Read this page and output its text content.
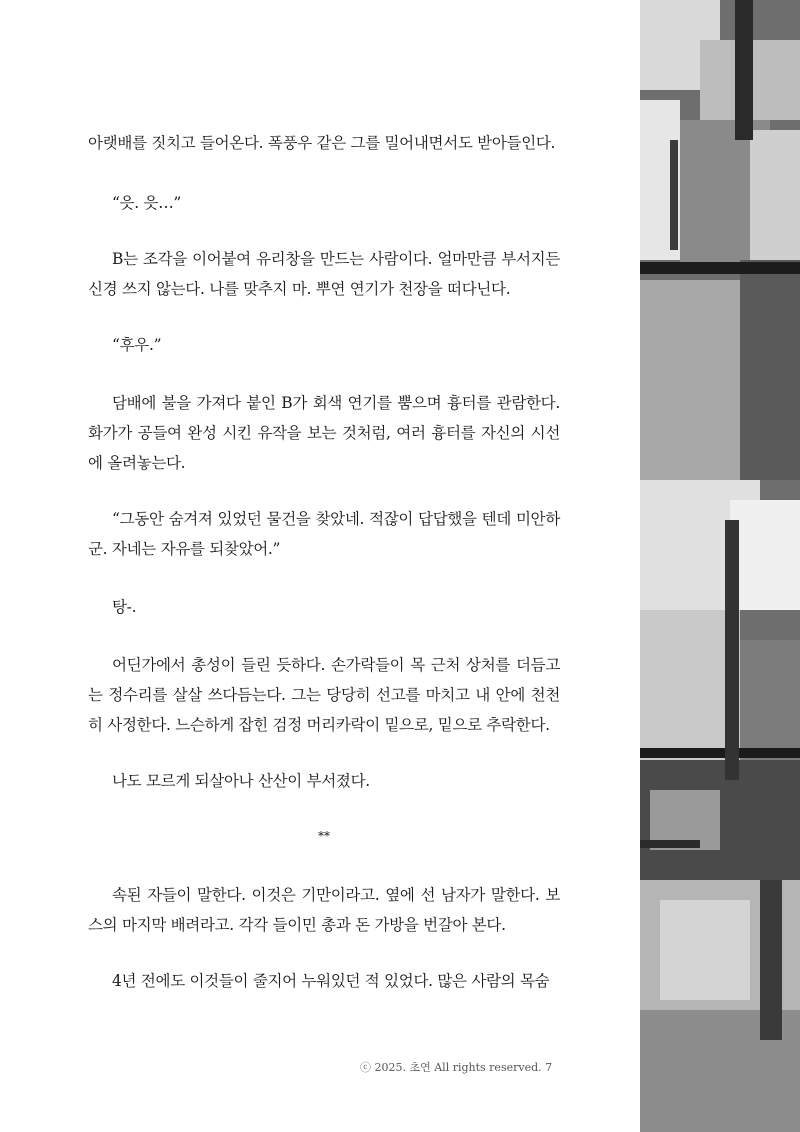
아랫배를 짓치고 들어온다. 폭풍우 같은 그를 밀어내면서도 받아들인다.

“읏. 읏…”

B는 조각을 이어붙여 유리창을 만드는 사람이다. 얼마만큼 부서지든 신경 쓰지 않는다. 나를 맞추지 마. 뿌연 연기가 천장을 떠다닌다.

“후우.”

담배에 불을 가져다 붙인 B가 회색 연기를 뿜으며 흉터를 관람한다. 화가가 공들여 완성 시킨 유작을 보는 것처럼, 여러 흉터를 자신의 시선에 올려놓는다.

“그동안 숨겨져 있었던 물건을 찾았네. 적잖이 답답했을 텐데 미안하군. 자네는 자유를 되찾았어.”

탕-.

어딘가에서 총성이 들린 듯하다. 손가락들이 목 근처 상처를 더듬고는 정수리를 살살 쓰다듬는다. 그는 당당히 선고를 마치고 내 안에 천천히 사정한다. 느슨하게 잡힌 검정 머리카락이 밑으로, 밑으로 추락한다.

나도 모르게 되살아나 산산이 부서졌다.

**

속된 자들이 말한다. 이것은 기만이라고. 옆에 선 남자가 말한다. 보스의 마지막 배려라고. 각각 들이민 총과 돈 가방을 번갈아 본다.

4년 전에도 이것들이 줄지어 누워있던 적 있었다. 많은 사람의 목숨

ⓒ 2025. 초연 All rights reserved. 7
